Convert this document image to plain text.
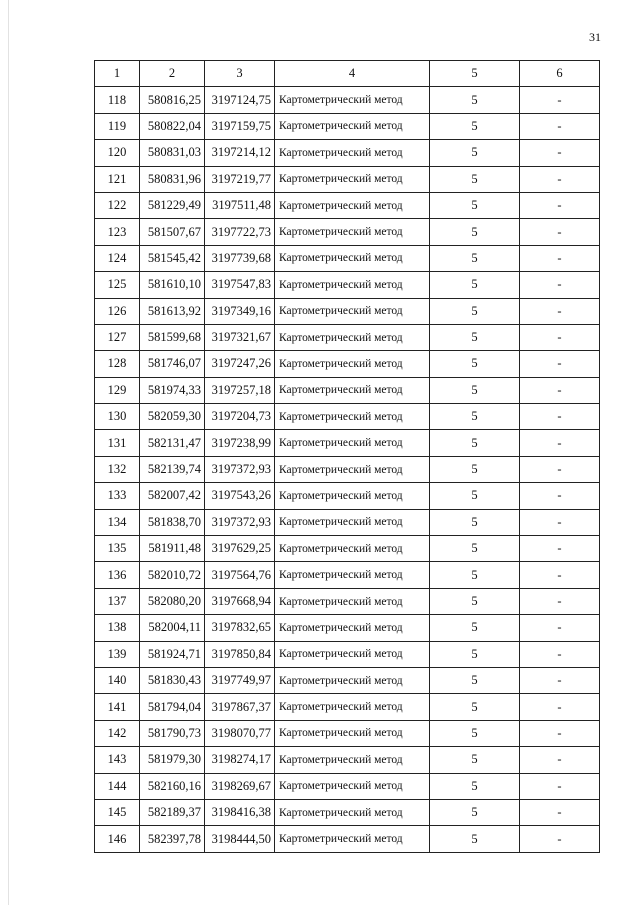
31
1	2	3	4	5	6
118	580816,25	3197124,75	Картометрический метод	5	-
119	580822,04	3197159,75	Картометрический метод	5	-
120	580831,03	3197214,12	Картометрический метод	5	-
121	580831,96	3197219,77	Картометрический метод	5	-
122	581229,49	3197511,48	Картометрический метод	5	-
123	581507,67	3197722,73	Картометрический метод	5	-
124	581545,42	3197739,68	Картометрический метод	5	-
125	581610,10	3197547,83	Картометрический метод	5	-
126	581613,92	3197349,16	Картометрический метод	5	-
127	581599,68	3197321,67	Картометрический метод	5	-
128	581746,07	3197247,26	Картометрический метод	5	-
129	581974,33	3197257,18	Картометрический метод	5	-
130	582059,30	3197204,73	Картометрический метод	5	-
131	582131,47	3197238,99	Картометрический метод	5	-
132	582139,74	3197372,93	Картометрический метод	5	-
133	582007,42	3197543,26	Картометрический метод	5	-
134	581838,70	3197372,93	Картометрический метод	5	-
135	581911,48	3197629,25	Картометрический метод	5	-
136	582010,72	3197564,76	Картометрический метод	5	-
137	582080,20	3197668,94	Картометрический метод	5	-
138	582004,11	3197832,65	Картометрический метод	5	-
139	581924,71	3197850,84	Картометрический метод	5	-
140	581830,43	3197749,97	Картометрический метод	5	-
141	581794,04	3197867,37	Картометрический метод	5	-
142	581790,73	3198070,77	Картометрический метод	5	-
143	581979,30	3198274,17	Картометрический метод	5	-
144	582160,16	3198269,67	Картометрический метод	5	-
145	582189,37	3198416,38	Картометрический метод	5	-
146	582397,78	3198444,50	Картометрический метод	5	-
